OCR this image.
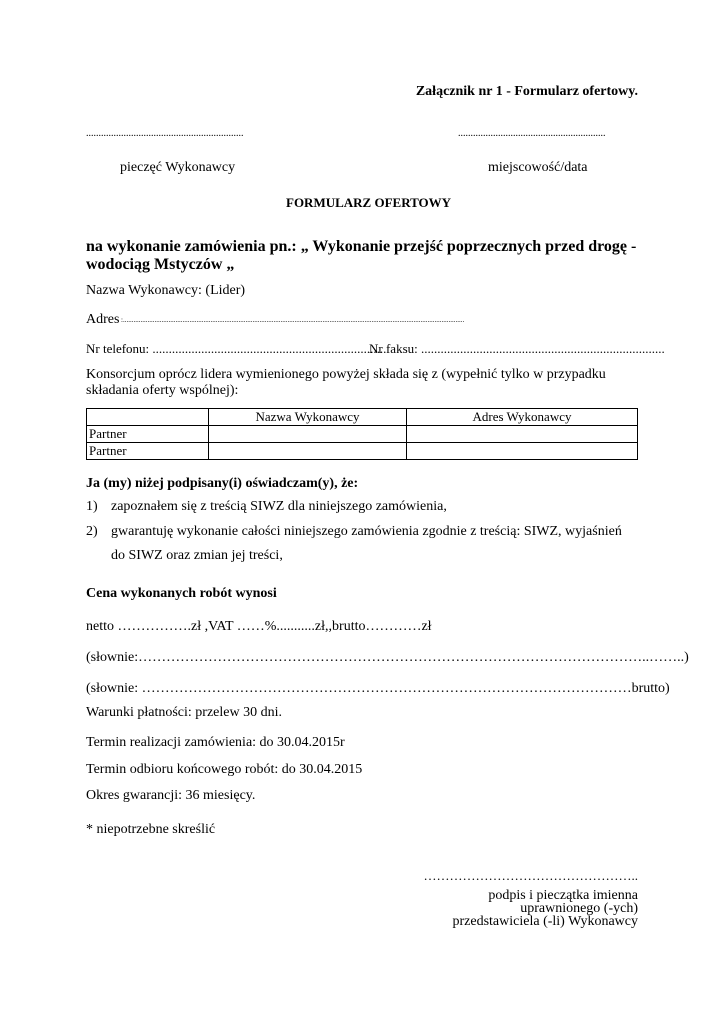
Załącznik nr 1 - Formularz ofertowy.
...............................................................	...........................................................
pieczęć Wykonawcy	miejscowość/data
FORMULARZ OFERTOWY
na wykonanie zamówienia pn.: „ Wykonanie przejść poprzecznych przed drogę -
wodociąg Mstyczów „
Nazwa Wykonawcy: (Lider)
Adres :...................................................................................................................................................................................................
Nr telefonu: ........................................................................
Nr faksu: ...........................................................................
Konsorcjum oprócz lidera wymienionego powyżej składa się z (wypełnić tylko w przypadku
składania oferty wspólnej):
	Nazwa Wykonawcy	Adres Wykonawcy
Partner		
Partner		
Ja (my) niżej podpisany(i) oświadczam(y), że:
1) zapoznałem się z treścią SIWZ dla niniejszego zamówienia,
2) gwarantuję wykonanie całości niniejszego zamówienia zgodnie z treścią: SIWZ, wyjaśnień
do SIWZ oraz zmian jej treści,
Cena wykonanych robót wynosi
netto …………….zł ,VAT ……%...........zł,,brutto…………zł
(słownie:………………………………………………………………………………………………..……..)
(słownie: ……………………………………………………………………………………………brutto)
Warunki płatności: przelew 30 dni.
Termin realizacji zamówienia: do 30.04.2015r
Termin odbioru końcowego robót: do 30.04.2015
Okres gwarancji: 36 miesięcy.
* niepotrzebne skreślić
…………………………………………..
podpis i pieczątka imienna
uprawnionego (-ych)
przedstawiciela (-li) Wykonawcy
